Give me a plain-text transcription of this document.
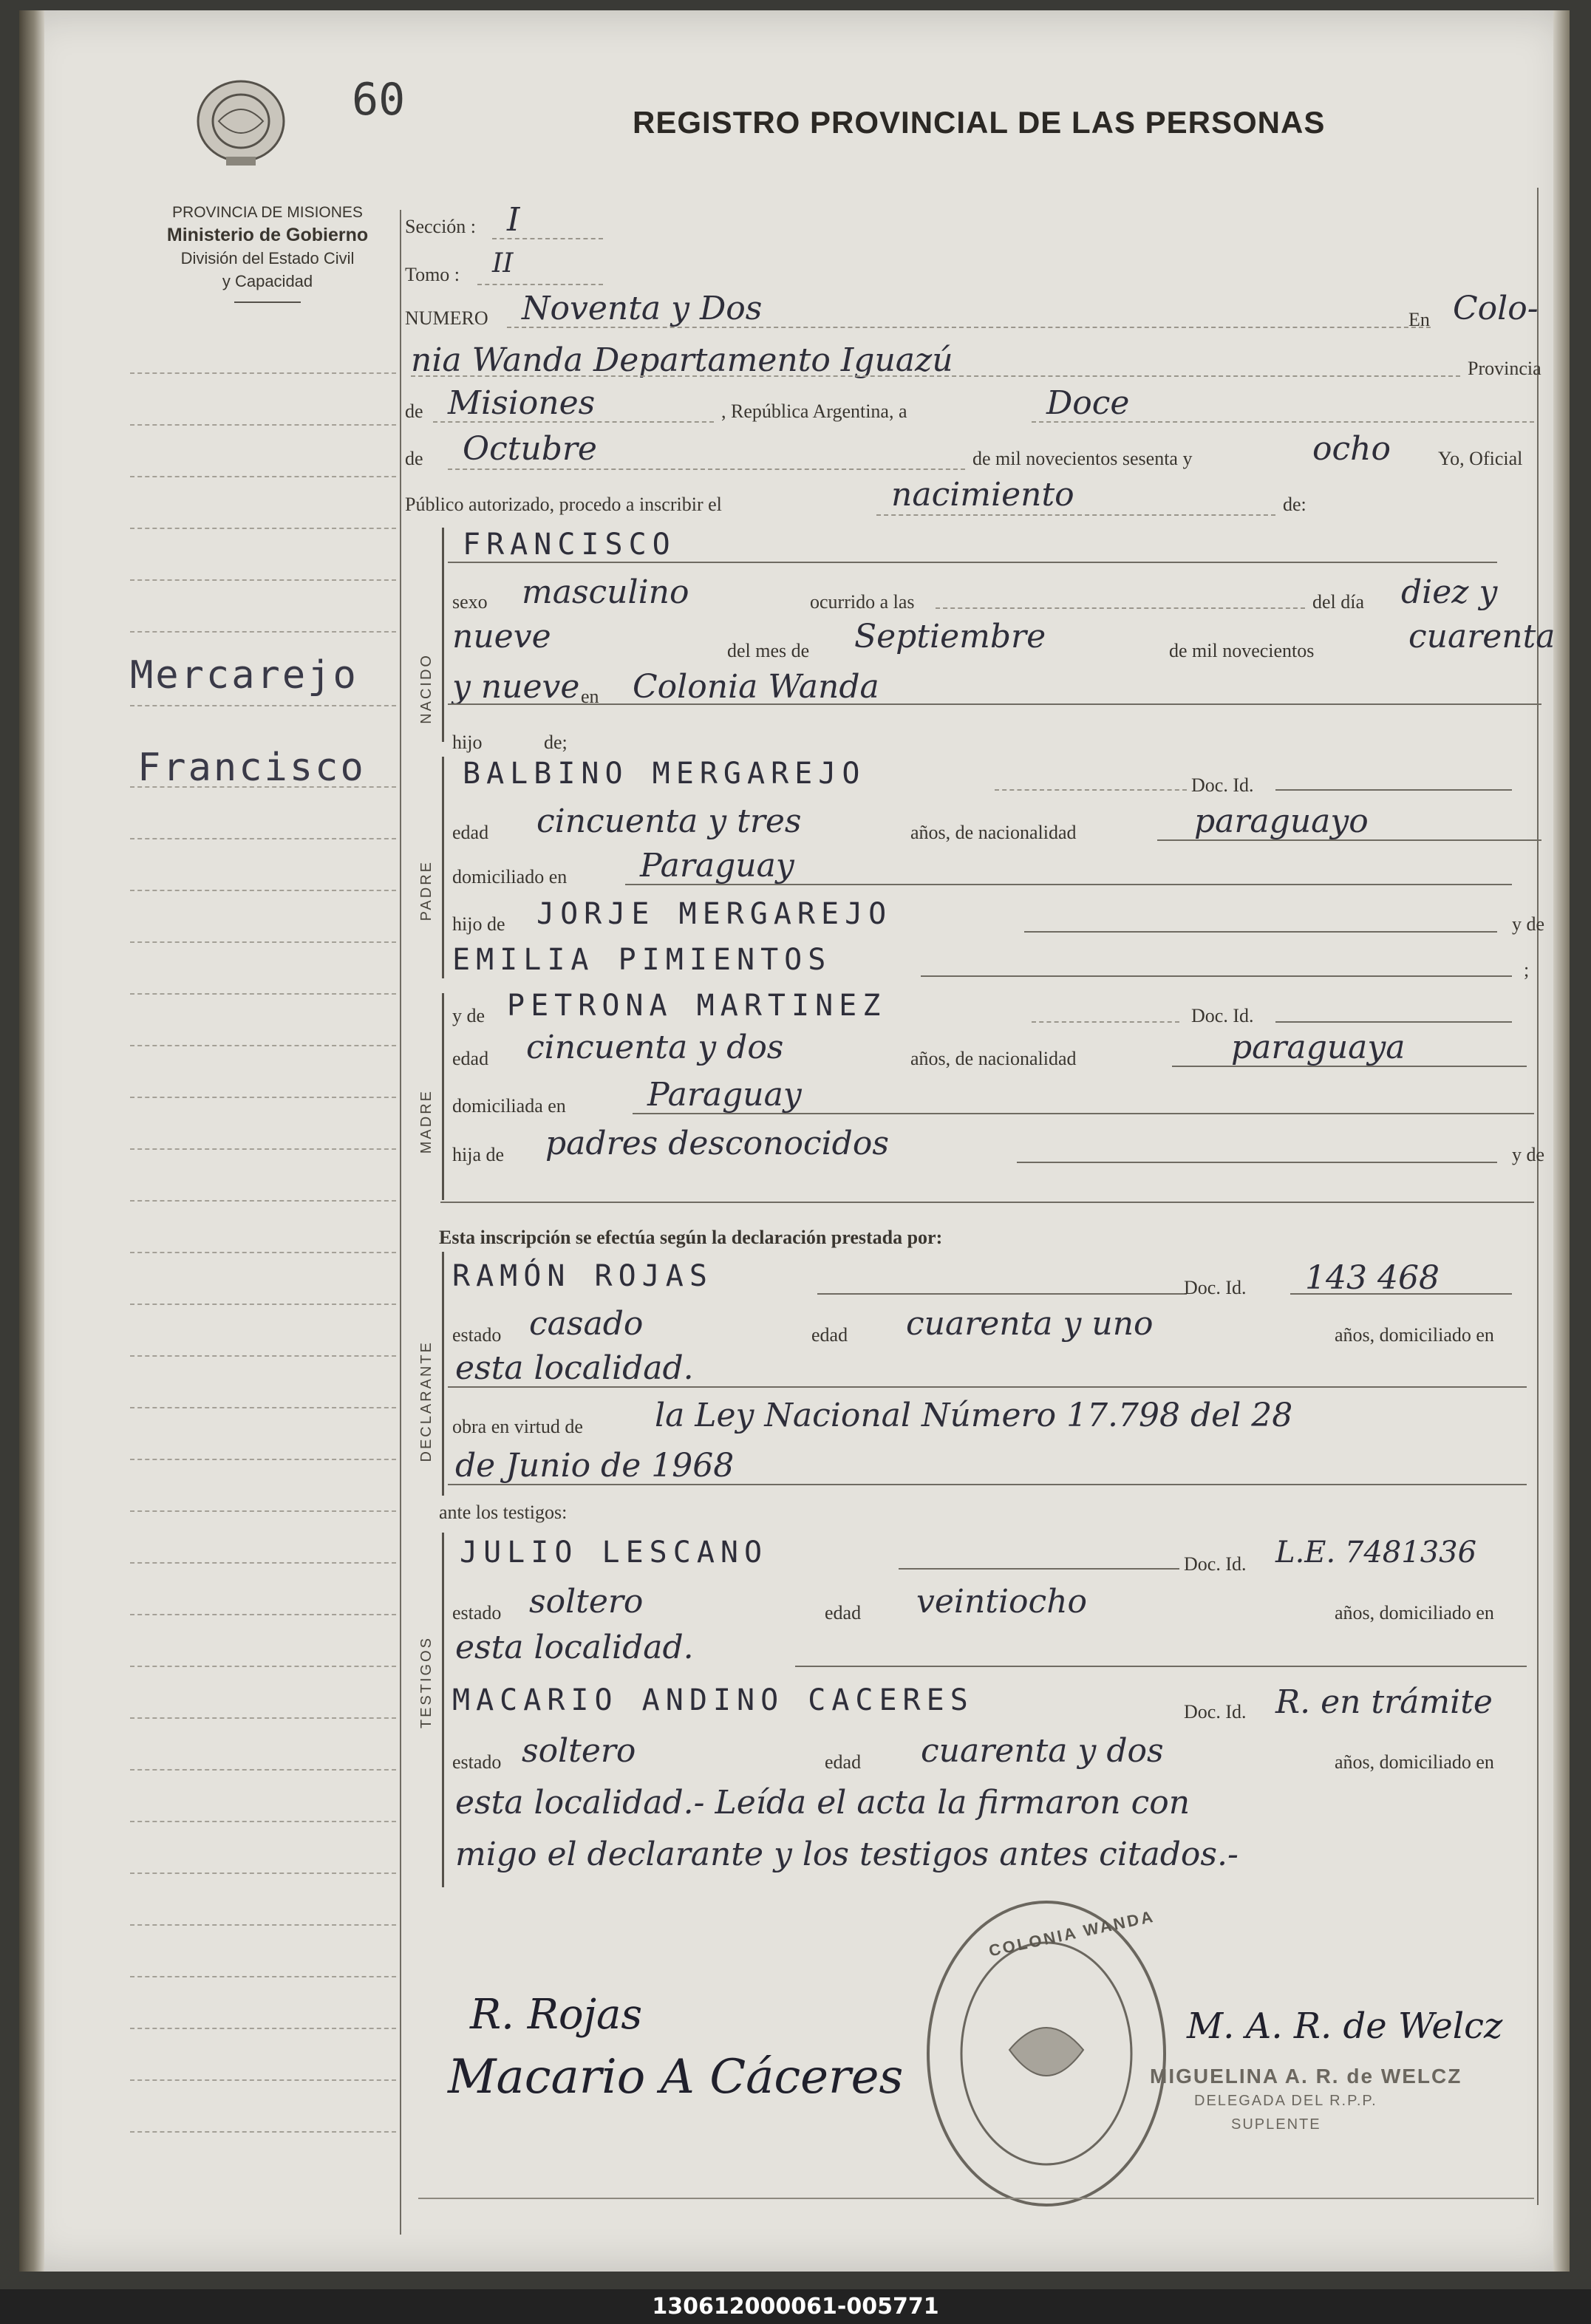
60	REGISTRO PROVINCIAL DE LAS PERSONAS
PROVINCIA DE MISIONES
Ministerio de Gobierno
División del Estado Civil
y Capacidad
Mercarejo
Francisco
Sección : I
Tomo : II
NUMERO Noventa y Dos	En Colo-
nia Wanda Departamento Iguazú	Provincia
de Misiones	, República Argentina, a	Doce
de Octubre	de mil novecientos sesenta y	ocho Yo, Oficial
Público autorizado, procedo a inscribir el	nacimiento	de:
NACIDO
FRANCISCO
sexo masculino	ocurrido a las	del día diez y
nueve	del mes de Septiembre	de mil novecientos	cuarenta
y nueve en Colonia Wanda
hijo	de;
PADRE
BALBINO MERGAREJO	Doc. Id.
edad cincuenta y tres	años, de nacionalidad	paraguayo
domiciliado en Paraguay
hijo de JORJE MERGAREJO	y de
EMILIA PIMIENTOS	;
MADRE
y de PETRONA MARTINEZ	Doc. Id.
edad cincuenta y dos	años, de nacionalidad	paraguaya
domiciliada en	Paraguay
hija de padres desconocidos	y de
Esta inscripción se efectúa según la declaración prestada por:
DECLARANTE
RAMÓN ROJAS	Doc. Id. 143 468
estado casado	edad cuarenta y uno	años, domiciliado en
esta localidad.
obra en virtud de la Ley Nacional Número 17.798 del 28
de Junio de 1968
ante los testigos:
TESTIGOS
JULIO LESCANO	Doc. Id. L.E. 7481336
estado soltero	edad veintiocho	años, domiciliado en
esta localidad.
MACARIO ANDINO CACERES	Doc. Id. R. en trámite
estado soltero	edad cuarenta y dos	años, domiciliado en
esta localidad.- Leída el acta la firmaron con
migo el declarante y los testigos antes citados.-
R. Rojas
Macario A Cáceres
M. A. R. de Welcz
COLONIA WANDA
MIGUELINA A. R. de WELCZ
DELEGADA DEL R.P.P.
SUPLENTE
130612000061-005771
